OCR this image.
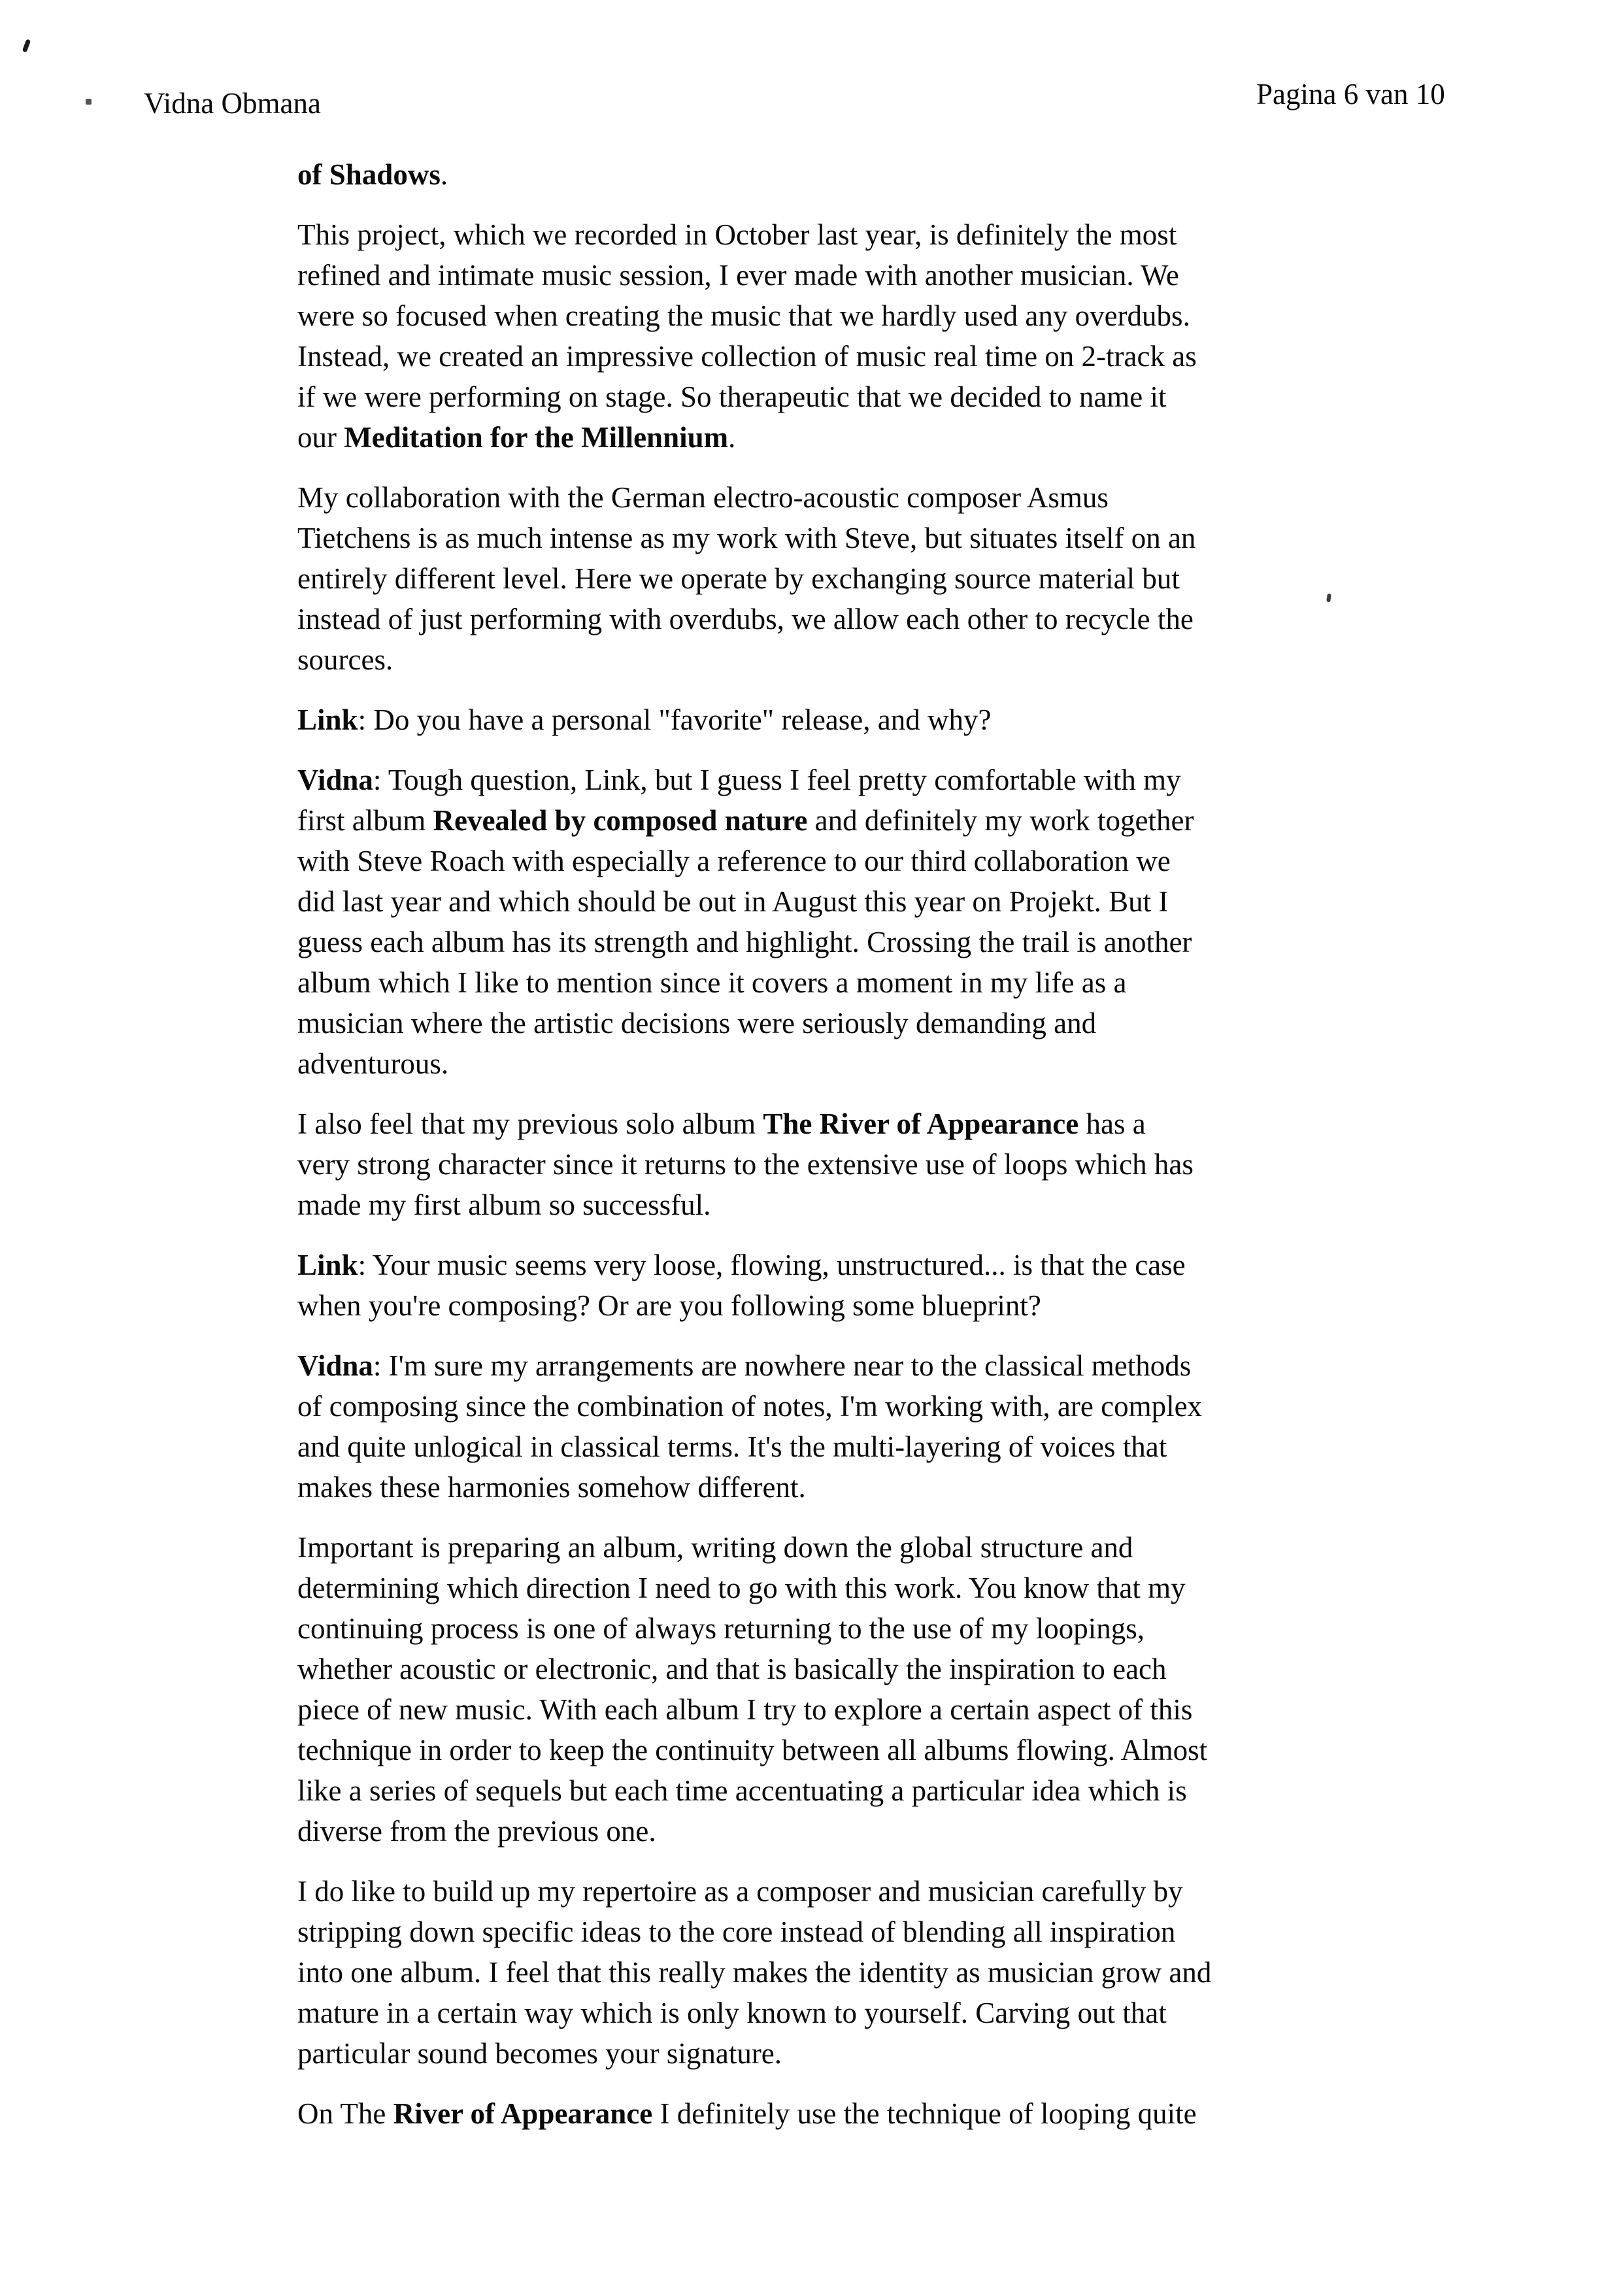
Vidna Obmana	Pagina 6 van 10
of Shadows.
This project, which we recorded in October last year, is definitely the most
refined and intimate music session, I ever made with another musician. We
were so focused when creating the music that we hardly used any overdubs.
Instead, we created an impressive collection of music real time on 2-track as
if we were performing on stage. So therapeutic that we decided to name it
our Meditation for the Millennium.
My collaboration with the German electro-acoustic composer Asmus
Tietchens is as much intense as my work with Steve, but situates itself on an
entirely different level. Here we operate by exchanging source material but
instead of just performing with overdubs, we allow each other to recycle the
sources.
Link: Do you have a personal "favorite" release, and why?
Vidna: Tough question, Link, but I guess I feel pretty comfortable with my
first album Revealed by composed nature and definitely my work together
with Steve Roach with especially a reference to our third collaboration we
did last year and which should be out in August this year on Projekt. But I
guess each album has its strength and highlight. Crossing the trail is another
album which I like to mention since it covers a moment in my life as a
musician where the artistic decisions were seriously demanding and
adventurous.
I also feel that my previous solo album The River of Appearance has a
very strong character since it returns to the extensive use of loops which has
made my first album so successful.
Link: Your music seems very loose, flowing, unstructured... is that the case
when you're composing? Or are you following some blueprint?
Vidna: I'm sure my arrangements are nowhere near to the classical methods
of composing since the combination of notes, I'm working with, are complex
and quite unlogical in classical terms. It's the multi-layering of voices that
makes these harmonies somehow different.
Important is preparing an album, writing down the global structure and
determining which direction I need to go with this work. You know that my
continuing process is one of always returning to the use of my loopings,
whether acoustic or electronic, and that is basically the inspiration to each
piece of new music. With each album I try to explore a certain aspect of this
technique in order to keep the continuity between all albums flowing. Almost
like a series of sequels but each time accentuating a particular idea which is
diverse from the previous one.
I do like to build up my repertoire as a composer and musician carefully by
stripping down specific ideas to the core instead of blending all inspiration
into one album. I feel that this really makes the identity as musician grow and
mature in a certain way which is only known to yourself. Carving out that
particular sound becomes your signature.
On The River of Appearance I definitely use the technique of looping quite
